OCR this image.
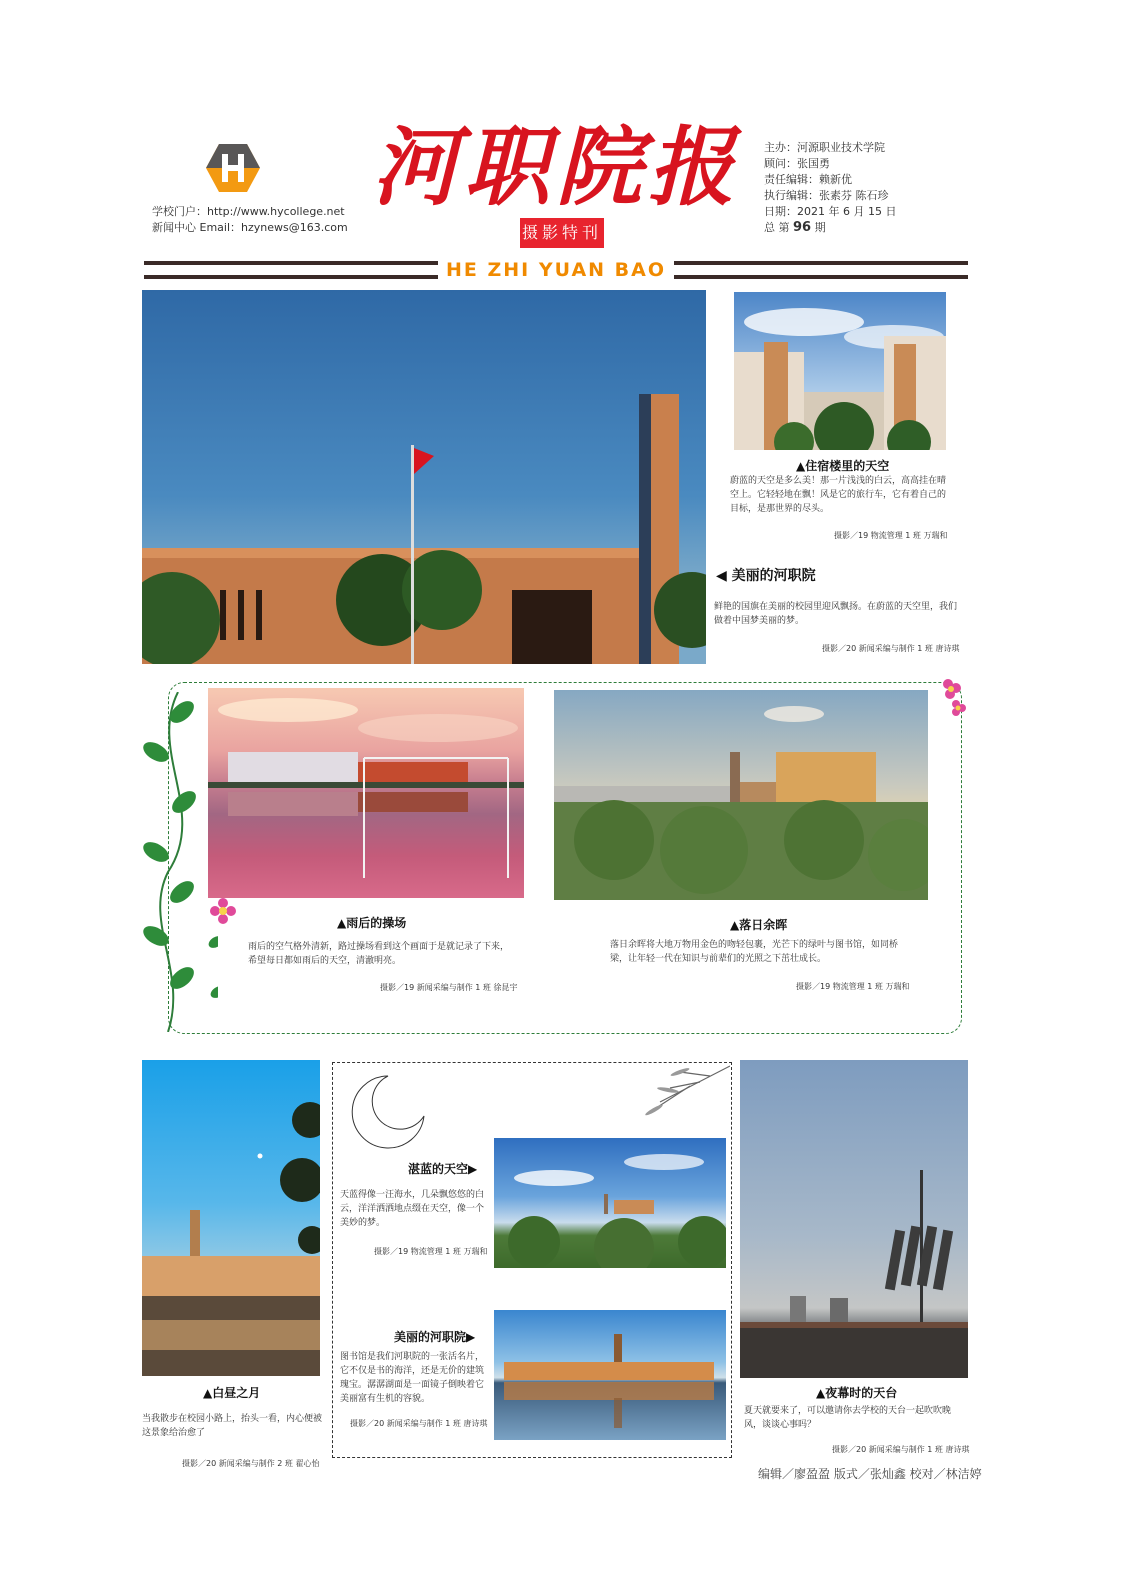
学校门户：http://www.hycollege.net
新闻中心 Email：hzynews@163.com
河职院报
摄影特刊
主办：河源职业技术学院
顾问：张国勇
责任编辑：赖新优
执行编辑：张素芬 陈石珍
日期：2021 年 6 月 15 日
总 第 96 期
HE ZHI YUAN BAO
▲住宿楼里的天空
蔚蓝的天空是多么美！那一片浅浅的白云，高高挂在晴空上。它轻轻地在飘！风是它的旅行车，它有着自己的目标，是那世界的尽头。
摄影／19 物流管理 1 班 万瑞和
◀ 美丽的河职院
鲜艳的国旗在美丽的校园里迎风飘扬。在蔚蓝的天空里，我们做着中国梦美丽的梦。
摄影／20 新闻采编与制作 1 班 唐诗琪
▲雨后的操场
雨后的空气格外清新，路过操场看到这个画面于是就记录了下来，希望每日都如雨后的天空，清澈明亮。
摄影／19 新闻采编与制作 1 班 徐昆宇
▲落日余晖
落日余晖将大地万物用金色的吻轻包裹，光芒下的绿叶与图书馆，如同桥梁，让年轻一代在知识与前辈们的光照之下茁壮成长。
摄影／19 物流管理 1 班 万瑞和
▲白昼之月
当我散步在校园小路上，抬头一看，内心便被这景象给治愈了
摄影／20 新闻采编与制作 2 班 翟心怡
湛蓝的天空▶
天蓝得像一汪海水，几朵飘悠悠的白云，洋洋洒洒地点缀在天空，像一个美妙的梦。
摄影／19 物流管理 1 班 万瑞和
美丽的河职院▶
图书馆是我们河职院的一张活名片，它不仅是书的海洋，还是无价的建筑瑰宝。潺潺湖面是一面镜子倒映着它美丽富有生机的容貌。
摄影／20 新闻采编与制作 1 班 唐诗琪
▲夜幕时的天台
夏天就要来了，可以邀请你去学校的天台一起吹吹晚风，谈谈心事吗？
摄影／20 新闻采编与制作 1 班 唐诗琪
编辑／廖盈盈 版式／张灿鑫 校对／林洁婷
